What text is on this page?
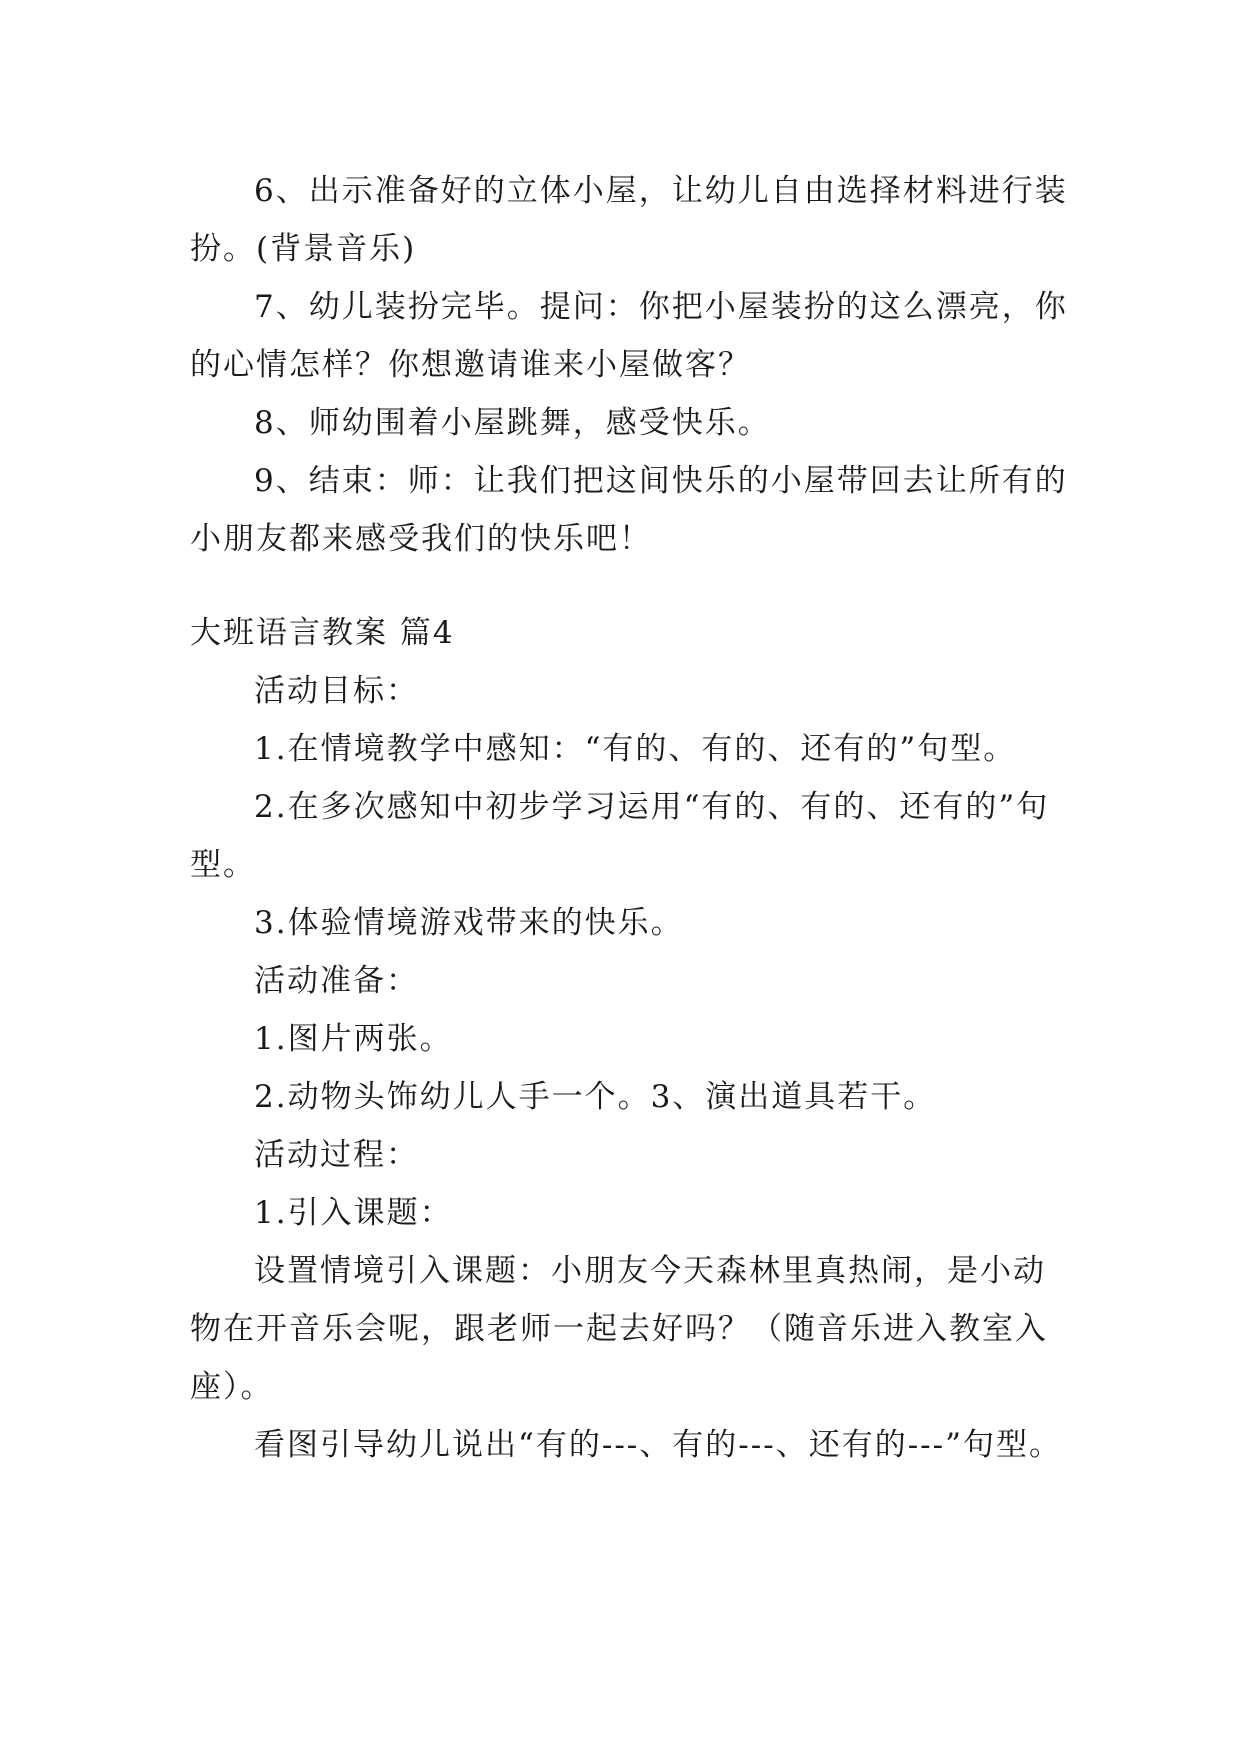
6、出示准备好的立体小屋，让幼儿自由选择材料进行装扮。(背景音乐)

7、幼儿装扮完毕。提问：你把小屋装扮的这么漂亮，你的心情怎样？你想邀请谁来小屋做客？

8、师幼围着小屋跳舞，感受快乐。

9、结束：师：让我们把这间快乐的小屋带回去让所有的小朋友都来感受我们的快乐吧！

大班语言教案 篇4

活动目标：

1.在情境教学中感知：“有的、有的、还有的”句型。

2.在多次感知中初步学习运用“有的、有的、还有的”句型。

3.体验情境游戏带来的快乐。

活动准备：

1.图片两张。

2.动物头饰幼儿人手一个。3、演出道具若干。

活动过程：

1.引入课题：

设置情境引入课题：小朋友今天森林里真热闹，是小动物在开音乐会呢，跟老师一起去好吗？（随音乐进入教室入座）。

看图引导幼儿说出“有的---、有的---、还有的---”句型。
